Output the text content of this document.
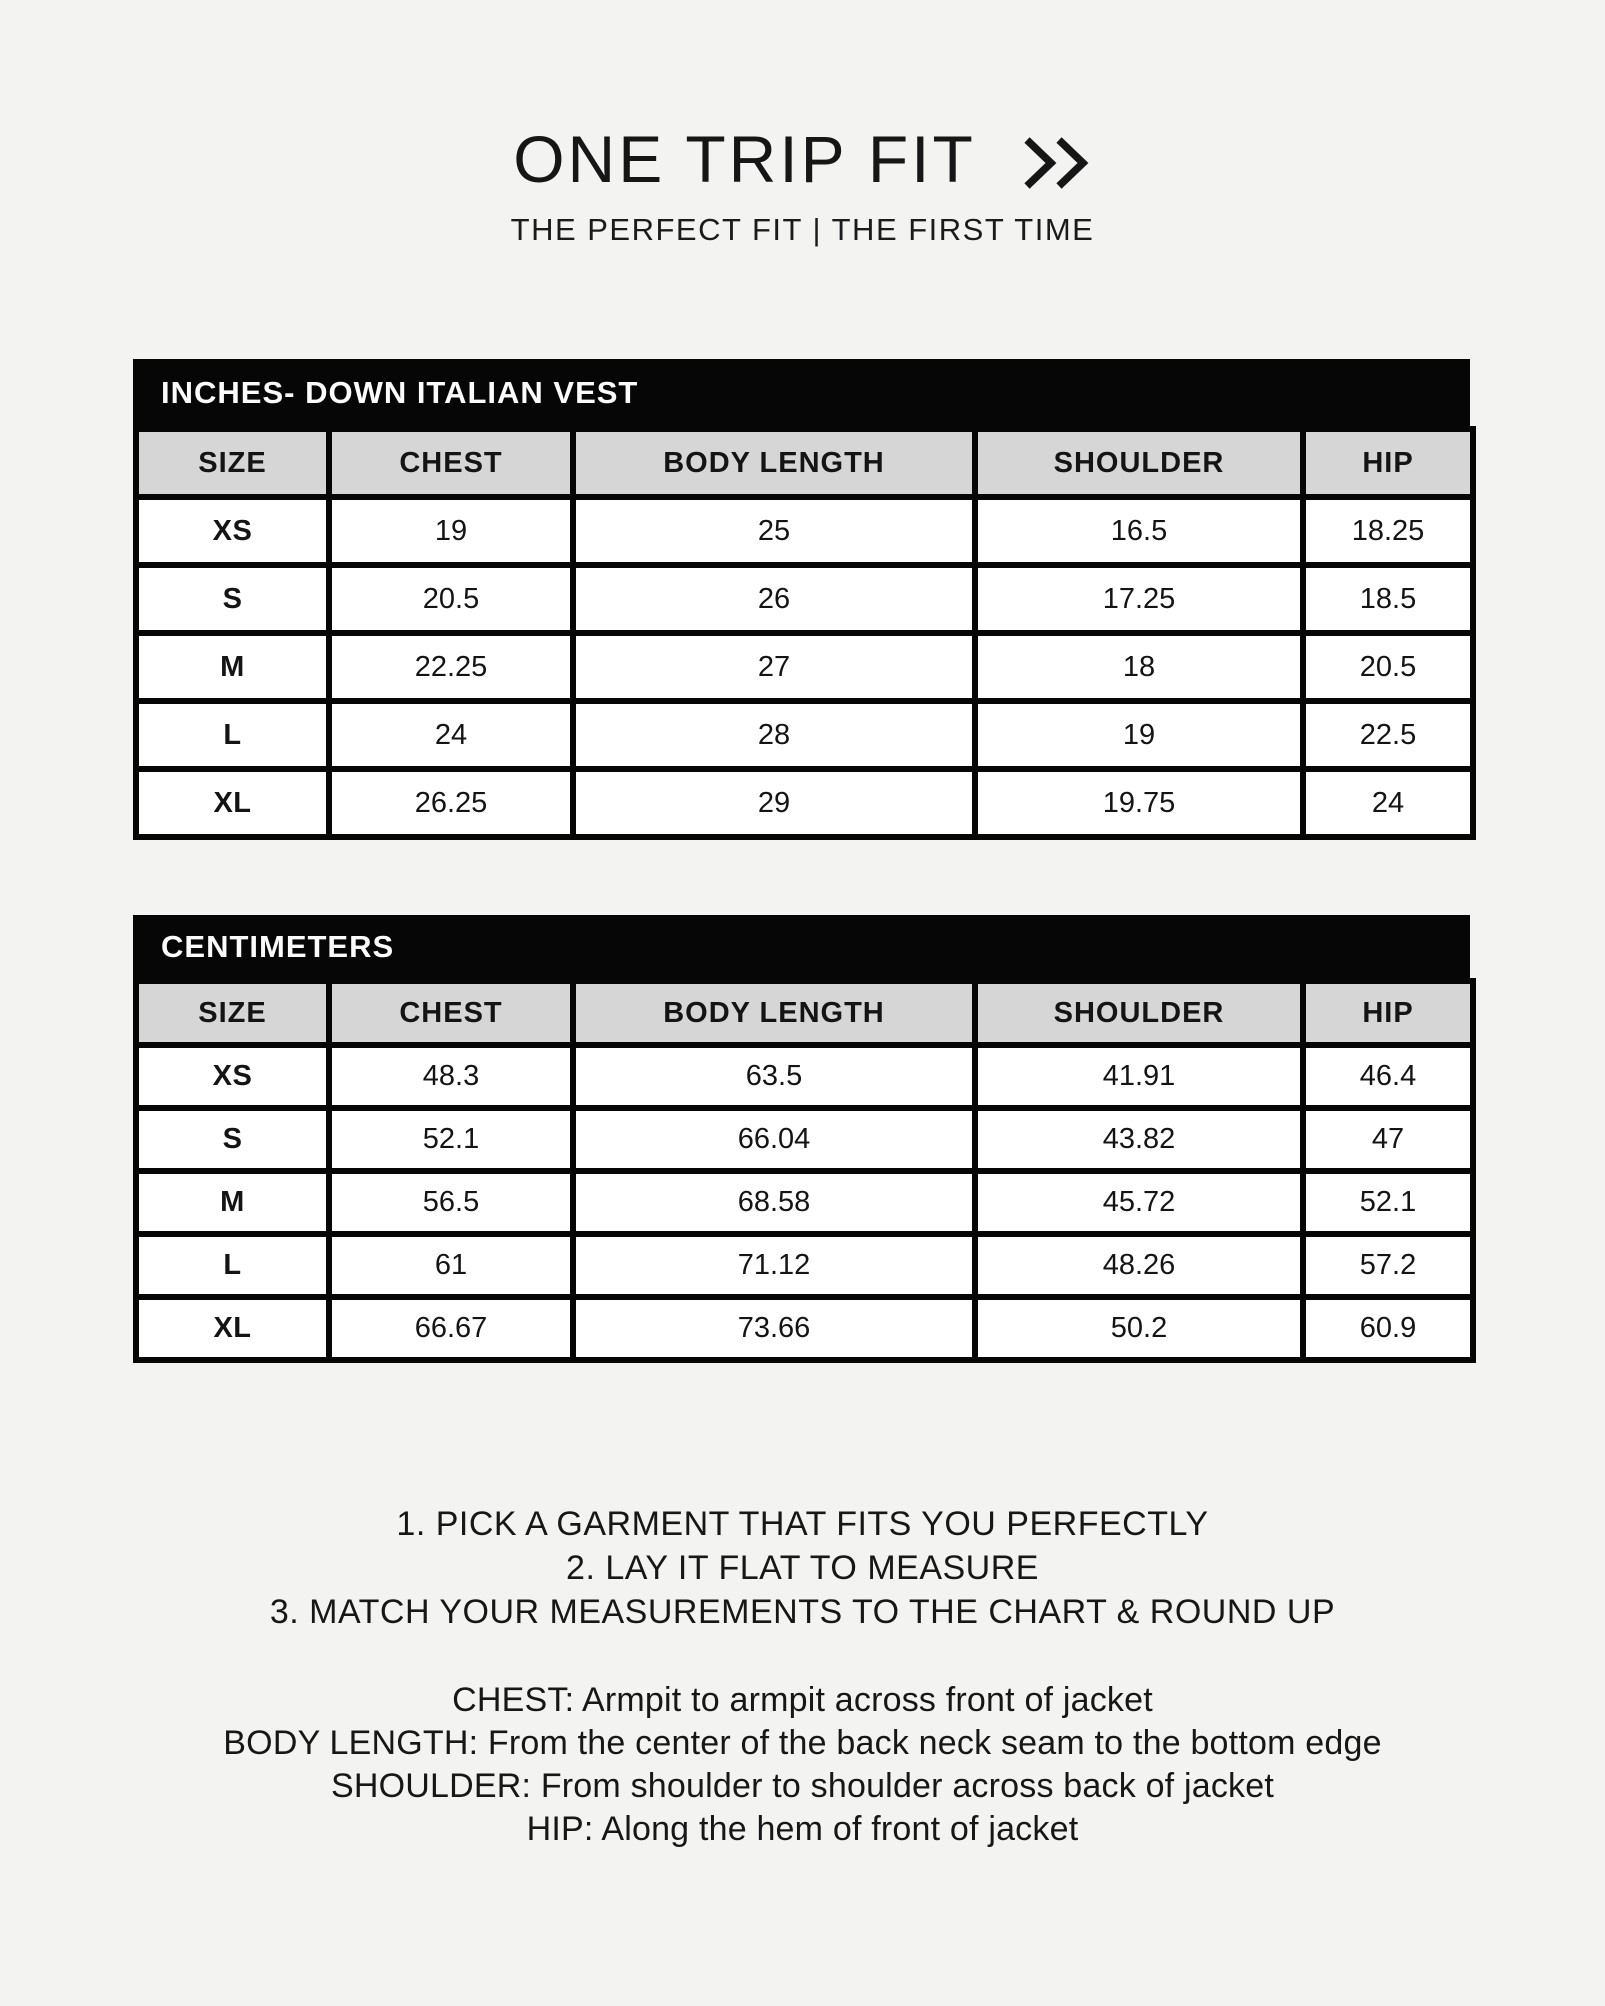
ONE TRIP FIT
THE PERFECT FIT | THE FIRST TIME
INCHES- DOWN ITALIAN VEST
SIZE	CHEST	BODY LENGTH	SHOULDER	HIP
XS	19	25	16.5	18.25
S	20.5	26	17.25	18.5
M	22.25	27	18	20.5
L	24	28	19	22.5
XL	26.25	29	19.75	24
CENTIMETERS
SIZE	CHEST	BODY LENGTH	SHOULDER	HIP
XS	48.3	63.5	41.91	46.4
S	52.1	66.04	43.82	47
M	56.5	68.58	45.72	52.1
L	61	71.12	48.26	57.2
XL	66.67	73.66	50.2	60.9
1. PICK A GARMENT THAT FITS YOU PERFECTLY
2. LAY IT FLAT TO MEASURE
3. MATCH YOUR MEASUREMENTS TO THE CHART & ROUND UP
CHEST: Armpit to armpit across front of jacket
BODY LENGTH: From the center of the back neck seam to the bottom edge
SHOULDER: From shoulder to shoulder across back of jacket
HIP: Along the hem of front of jacket
